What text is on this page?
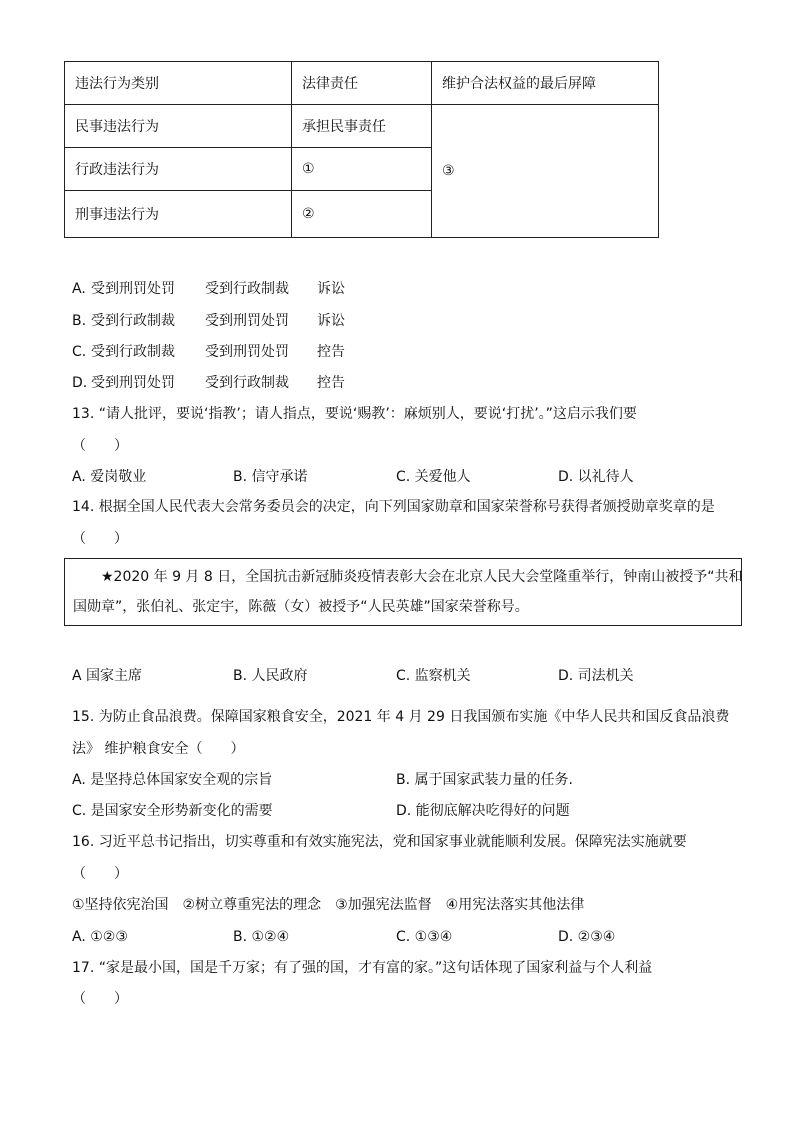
违法行为类别	法律责任	维护合法权益的最后屏障
民事违法行为	承担民事责任	③
行政违法行为	①	
刑事违法行为	②	
A. 受到刑罚处罚 受到行政制裁 诉讼
B. 受到行政制裁 受到刑罚处罚 诉讼
C. 受到行政制裁 受到刑罚处罚 控告
D. 受到刑罚处罚 受到行政制裁 控告
13. “请人批评，要说‘指教’；请人指点，要说‘赐教’：麻烦别人，要说‘打扰’。”这启示我们要
（　　）
A. 爱岗敬业	B. 信守承诺	C. 关爱他人	D. 以礼待人
14. 根据全国人民代表大会常务委员会的决定，向下列国家勋章和国家荣誉称号获得者颁授勋章奖章的是
（　　）
★2020 年 9 月 8 日，全国抗击新冠肺炎疫情表彰大会在北京人民大会堂隆重举行，钟南山被授予“共和
国勋章”，张伯礼、张定宇，陈薇（女）被授予“人民英雄”国家荣誉称号。
A 国家主席	B. 人民政府	C. 监察机关	D. 司法机关
15. 为防止食品浪费。保障国家粮食安全，2021 年 4 月 29 日我国颁布实施《中华人民共和国反食品浪费
法》 维护粮食安全（　　）
A. 是坚持总体国家安全观的宗旨	B. 属于国家武装力量的任务.
C. 是国家安全形势新变化的需要	D. 能彻底解决吃得好的问题
16. 习近平总书记指出，切实尊重和有效实施宪法，党和国家事业就能顺利发展。保障宪法实施就要
（　　）
①坚持依宪治国　②树立尊重宪法的理念　③加强宪法监督　④用宪法落实其他法律
A. ①②③	B. ①②④	C. ①③④	D. ②③④
17. “家是最小国，国是千万家；有了强的国，才有富的家。”这句话体现了国家利益与个人利益
（　　）
